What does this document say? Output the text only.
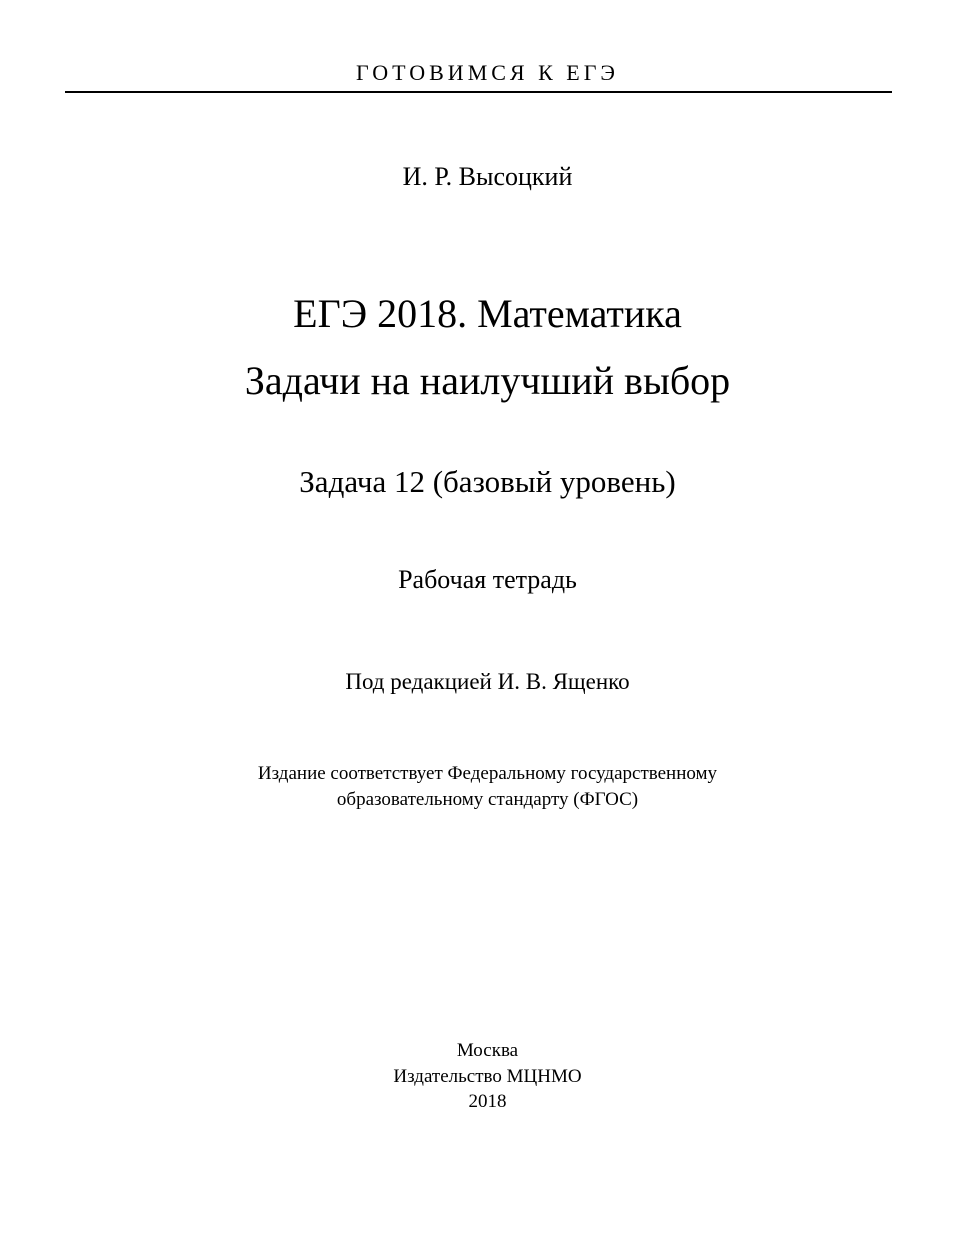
ГОТОВИМСЯ К ЕГЭ
И. Р. Высоцкий
ЕГЭ 2018. Математика
Задачи на наилучший выбор
Задача 12 (базовый уровень)
Рабочая тетрадь
Под редакцией И. В. Ященко
Издание соответствует Федеральному государственному
образовательному стандарту (ФГОС)
Москва
Издательство МЦНМО
2018
